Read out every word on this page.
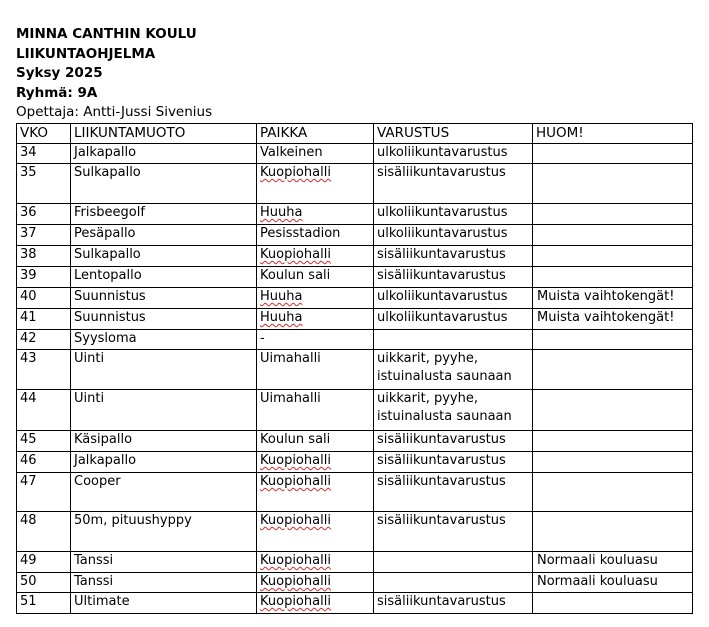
MINNA CANTHIN KOULU
LIIKUNTAOHJELMA
Syksy 2025
Ryhmä: 9A
Opettaja: Antti-Jussi Sivenius
VKO	LIIKUNTAMUOTO	PAIKKA	VARUSTUS	HUOM!
34	Jalkapallo	Valkeinen	ulkoliikuntavarustus	

35	Sulkapallo	Kuopiohalli	sisäliikuntavarustus	

36	Frisbeegolf	Huuha	ulkoliikuntavarustus	

37	Pesäpallo	Pesisstadion	ulkoliikuntavarustus	

38	Sulkapallo	Kuopiohalli	sisäliikuntavarustus	

39	Lentopallo	Koulun sali	sisäliikuntavarustus	

40	Suunnistus	Huuha	ulkoliikuntavarustus	Muista vaihtokengät!
41	Suunnistus	Huuha	ulkoliikuntavarustus	Muista vaihtokengät!
42	Syysloma	-		
43	Uinti	Uimahalli	uikkarit, pyyhe,
istuinalusta saunaan	

44	Uinti	Uimahalli	uikkarit, pyyhe,
istuinalusta saunaan	

45	Käsipallo	Koulun sali	sisäliikuntavarustus	

46	Jalkapallo	Kuopiohalli	sisäliikuntavarustus	

47	Cooper	Kuopiohalli	sisäliikuntavarustus	

48	50m, pituushyppy	Kuopiohalli	sisäliikuntavarustus	

49	Tanssi	Kuopiohalli		Normaali kouluasu
50	Tanssi	Kuopiohalli		Normaali kouluasu
51	Ultimate	Kuopiohalli	sisäliikuntavarustus	
